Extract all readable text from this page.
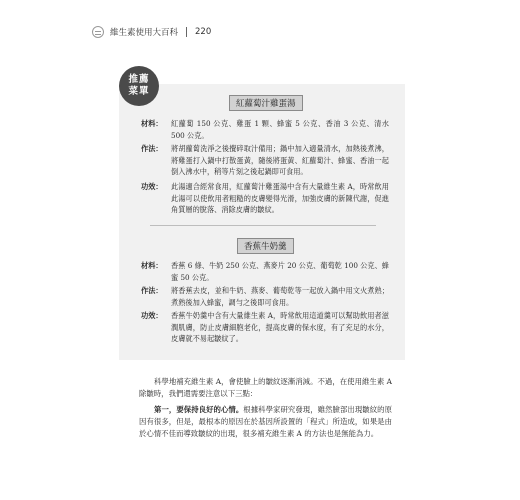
維生素使用大百科 220
推薦
菜單
紅蘿蔔汁雞蛋湯
材料： 紅蘿蔔 150 公克、雞蛋 1 顆、蜂蜜 5 公克、香油 3 公克、清水 500 公克。
作法： 將胡蘿蔔洗淨之後攪碎取汁備用；鍋中加入適量清水，加熱後煮沸，將雞蛋打入鍋中打散蛋黃，隨後將蛋黃、紅蘿蔔汁、蜂蜜、香油一起倒入沸水中，稍等片刻之後起鍋即可食用。
功效： 此湯適合經常食用，紅蘿蔔汁雞蛋湯中含有大量維生素 A，時常飲用此湯可以使飲用者粗糙的皮膚變得光滑，加強皮膚的新陳代謝，促進角質層的脫落、消除皮膚的皺紋。
香蕉牛奶羹
材料： 香蕉 6 條、牛奶 250 公克、燕麥片 20 公克、葡萄乾 100 公克、蜂蜜 50 公克。
作法： 將香蕉去皮，並和牛奶、燕麥、葡萄乾等一起放入鍋中用文火煮熟；煮熟後加入蜂蜜，調勻之後即可食用。
功效： 香蕉牛奶羹中含有大量維生素 A，時常飲用這道羹可以幫助飲用者滋潤肌膚，防止皮膚細胞老化，提高皮膚的保水度，有了充足的水分，皮膚就不易起皺紋了。
科學地補充維生素 A，會使臉上的皺紋逐漸消減。不過，在使用維生素 A 除皺時，我們還需要注意以下三點：
第一，要保持良好的心情。根據科學家研究發現，雖然臉部出現皺紋的原因有很多，但是，最根本的原因在於基因所設置的「程式」所造成，如果是由於心情不佳而導致皺紋的出現，很多補充維生素 A 的方法也是無能為力。
